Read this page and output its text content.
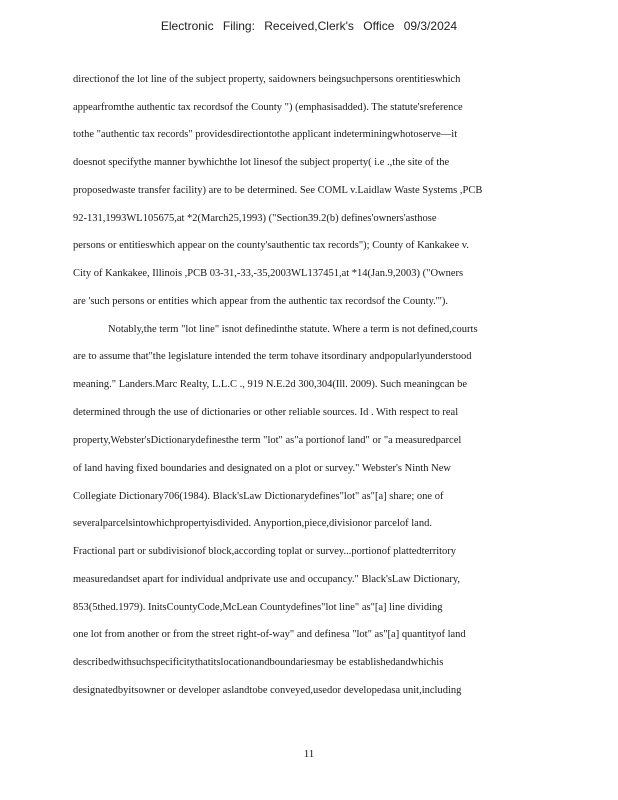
Electronic Filing: Received,Clerk's Office 09/3/2024
directionof the lot line of the subject property, saidowners beingsuchpersons orentitieswhich
appearfromthe authentic tax recordsof the County ") (emphasisadded). The statute'sreference
tothe "authentic tax records" providesdirectiontothe applicant indeterminingwhotoserve—it
doesnot specifythe manner bywhichthe lot linesof the subject property( i.e .,the site of the
proposedwaste transfer facility) are to be determined. See COML v.Laidlaw Waste Systems ,PCB
92-131,1993WL105675,at *2(March25,1993) ("Section39.2(b) defines'owners'asthose
persons or entitieswhich appear on the county'sauthentic tax records"); County of Kankakee v.
City of Kankakee, Illinois ,PCB 03-31,-33,-35,2003WL137451,at *14(Jan.9,2003) ("Owners
are 'such persons or entities which appear from the authentic tax recordsof the County.'").
Notably,the term "lot line" isnot definedinthe statute. Where a term is not defined,courts
are to assume that"the legislature intended the term tohave itsordinary andpopularlyunderstood
meaning." Landers.Marc Realty, L.L.C ., 919 N.E.2d 300,304(Ill. 2009). Such meaningcan be
determined through the use of dictionaries or other reliable sources. Id . With respect to real
property,Webster'sDictionarydefinesthe term "lot" as"a portionof land" or "a measuredparcel
of land having fixed boundaries and designated on a plot or survey." Webster's Ninth New
Collegiate Dictionary706(1984). Black'sLaw Dictionarydefines"lot" as"[a] share; one of
severalparcelsintowhichpropertyisdivided. Anyportion,piece,divisionor parcelof land.
Fractional part or subdivisionof block,according toplat or survey...portionof plattedterritory
measuredandset apart for individual andprivate use and occupancy." Black'sLaw Dictionary,
853(5thed.1979). InitsCountyCode,McLean Countydefines"lot line" as"[a] line dividing
one lot from another or from the street right-of-way" and definesa "lot" as"[a] quantityof land
describedwithsuchspecificitythatitslocationandboundariesmay be establishedandwhichis
designatedbyitsowner or developer aslandtobe conveyed,usedor developedasa unit,including
11
